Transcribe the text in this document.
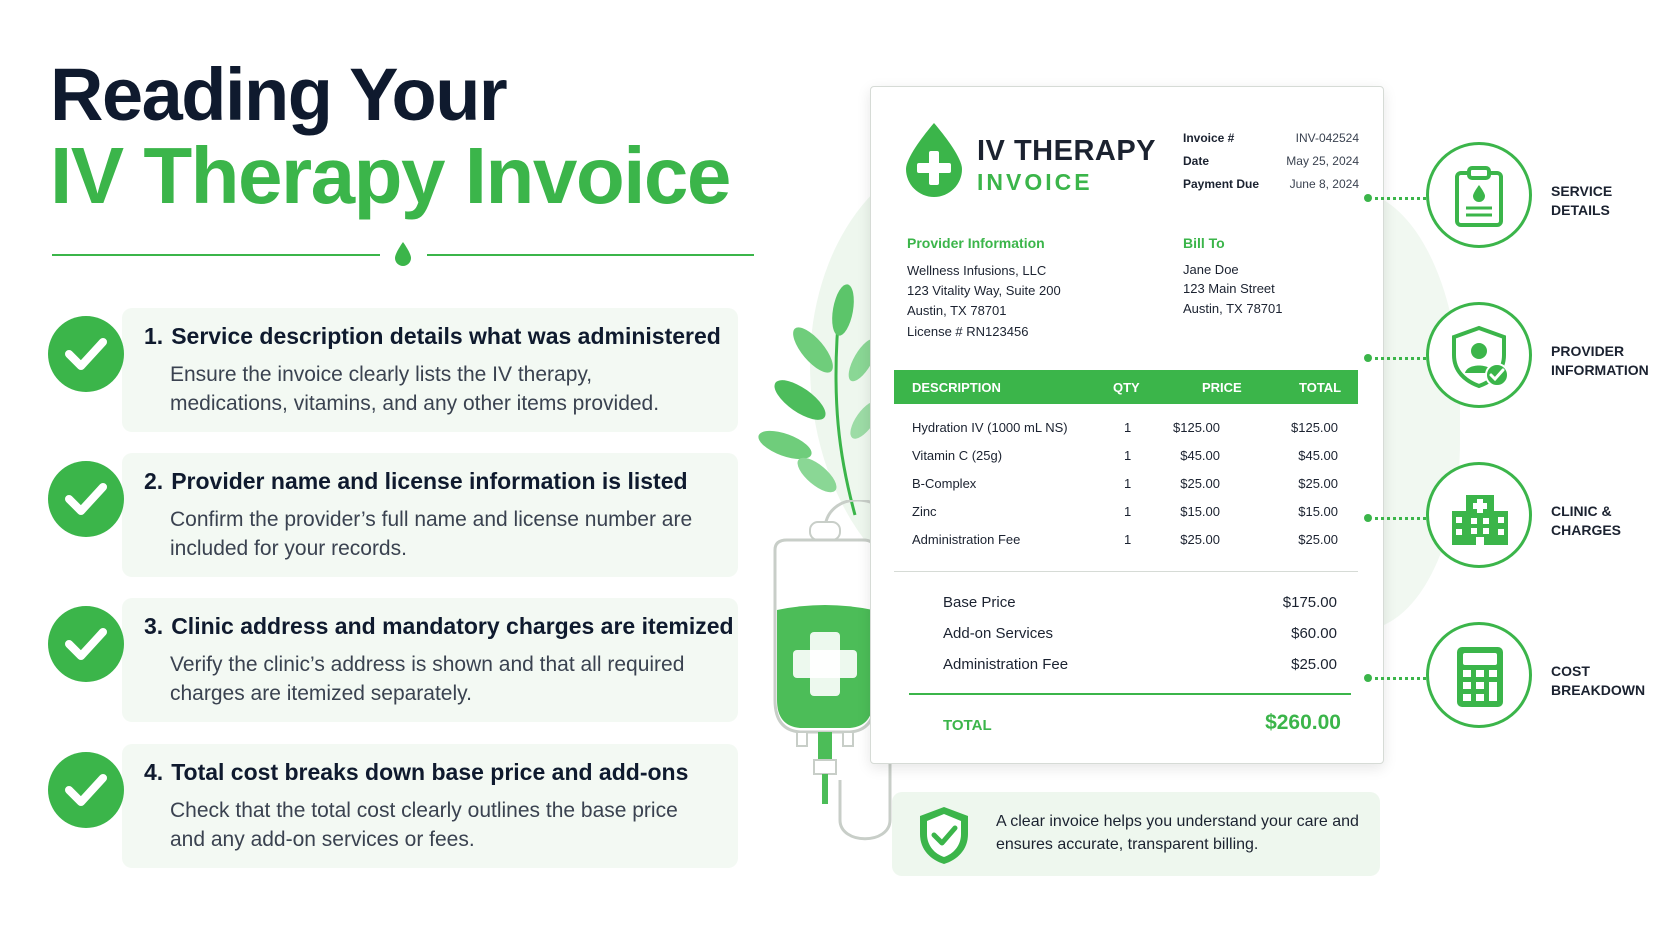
Reading Your
IV Therapy Invoice
1. Service description details what was administered
Ensure the invoice clearly lists the IV therapy, medications, vitamins, and any other items provided.
2. Provider name and license information is listed
Confirm the provider’s full name and license number are included for your records.
3. Clinic address and mandatory charges are itemized
Verify the clinic’s address is shown and that all required charges are itemized separately.
4. Total cost breaks down base price and add-ons
Check that the total cost clearly outlines the base price and any add-on services or fees.
IV THERAPY
INVOICE
Invoice #	INV-042524
Date	May 25, 2024
Payment Due	June 8, 2024
Provider Information
Wellness Infusions, LLC
123 Vitality Way, Suite 200
Austin, TX 78701
License # RN123456
Bill To
Jane Doe
123 Main Street
Austin, TX 78701
DESCRIPTION	QTY	PRICE	TOTAL
Hydration IV (1000 mL NS)	1	$125.00	$125.00
Vitamin C (25g)	1	$45.00	$45.00
B-Complex	1	$25.00	$25.00
Zinc	1	$15.00	$15.00
Administration Fee	1	$25.00	$25.00
Base Price	$175.00
Add-on Services	$60.00
Administration Fee	$25.00
TOTAL	$260.00
A clear invoice helps you understand your care and ensures accurate, transparent billing.
SERVICE
DETAILS
PROVIDER
INFORMATION
CLINIC &
CHARGES
COST
BREAKDOWN
